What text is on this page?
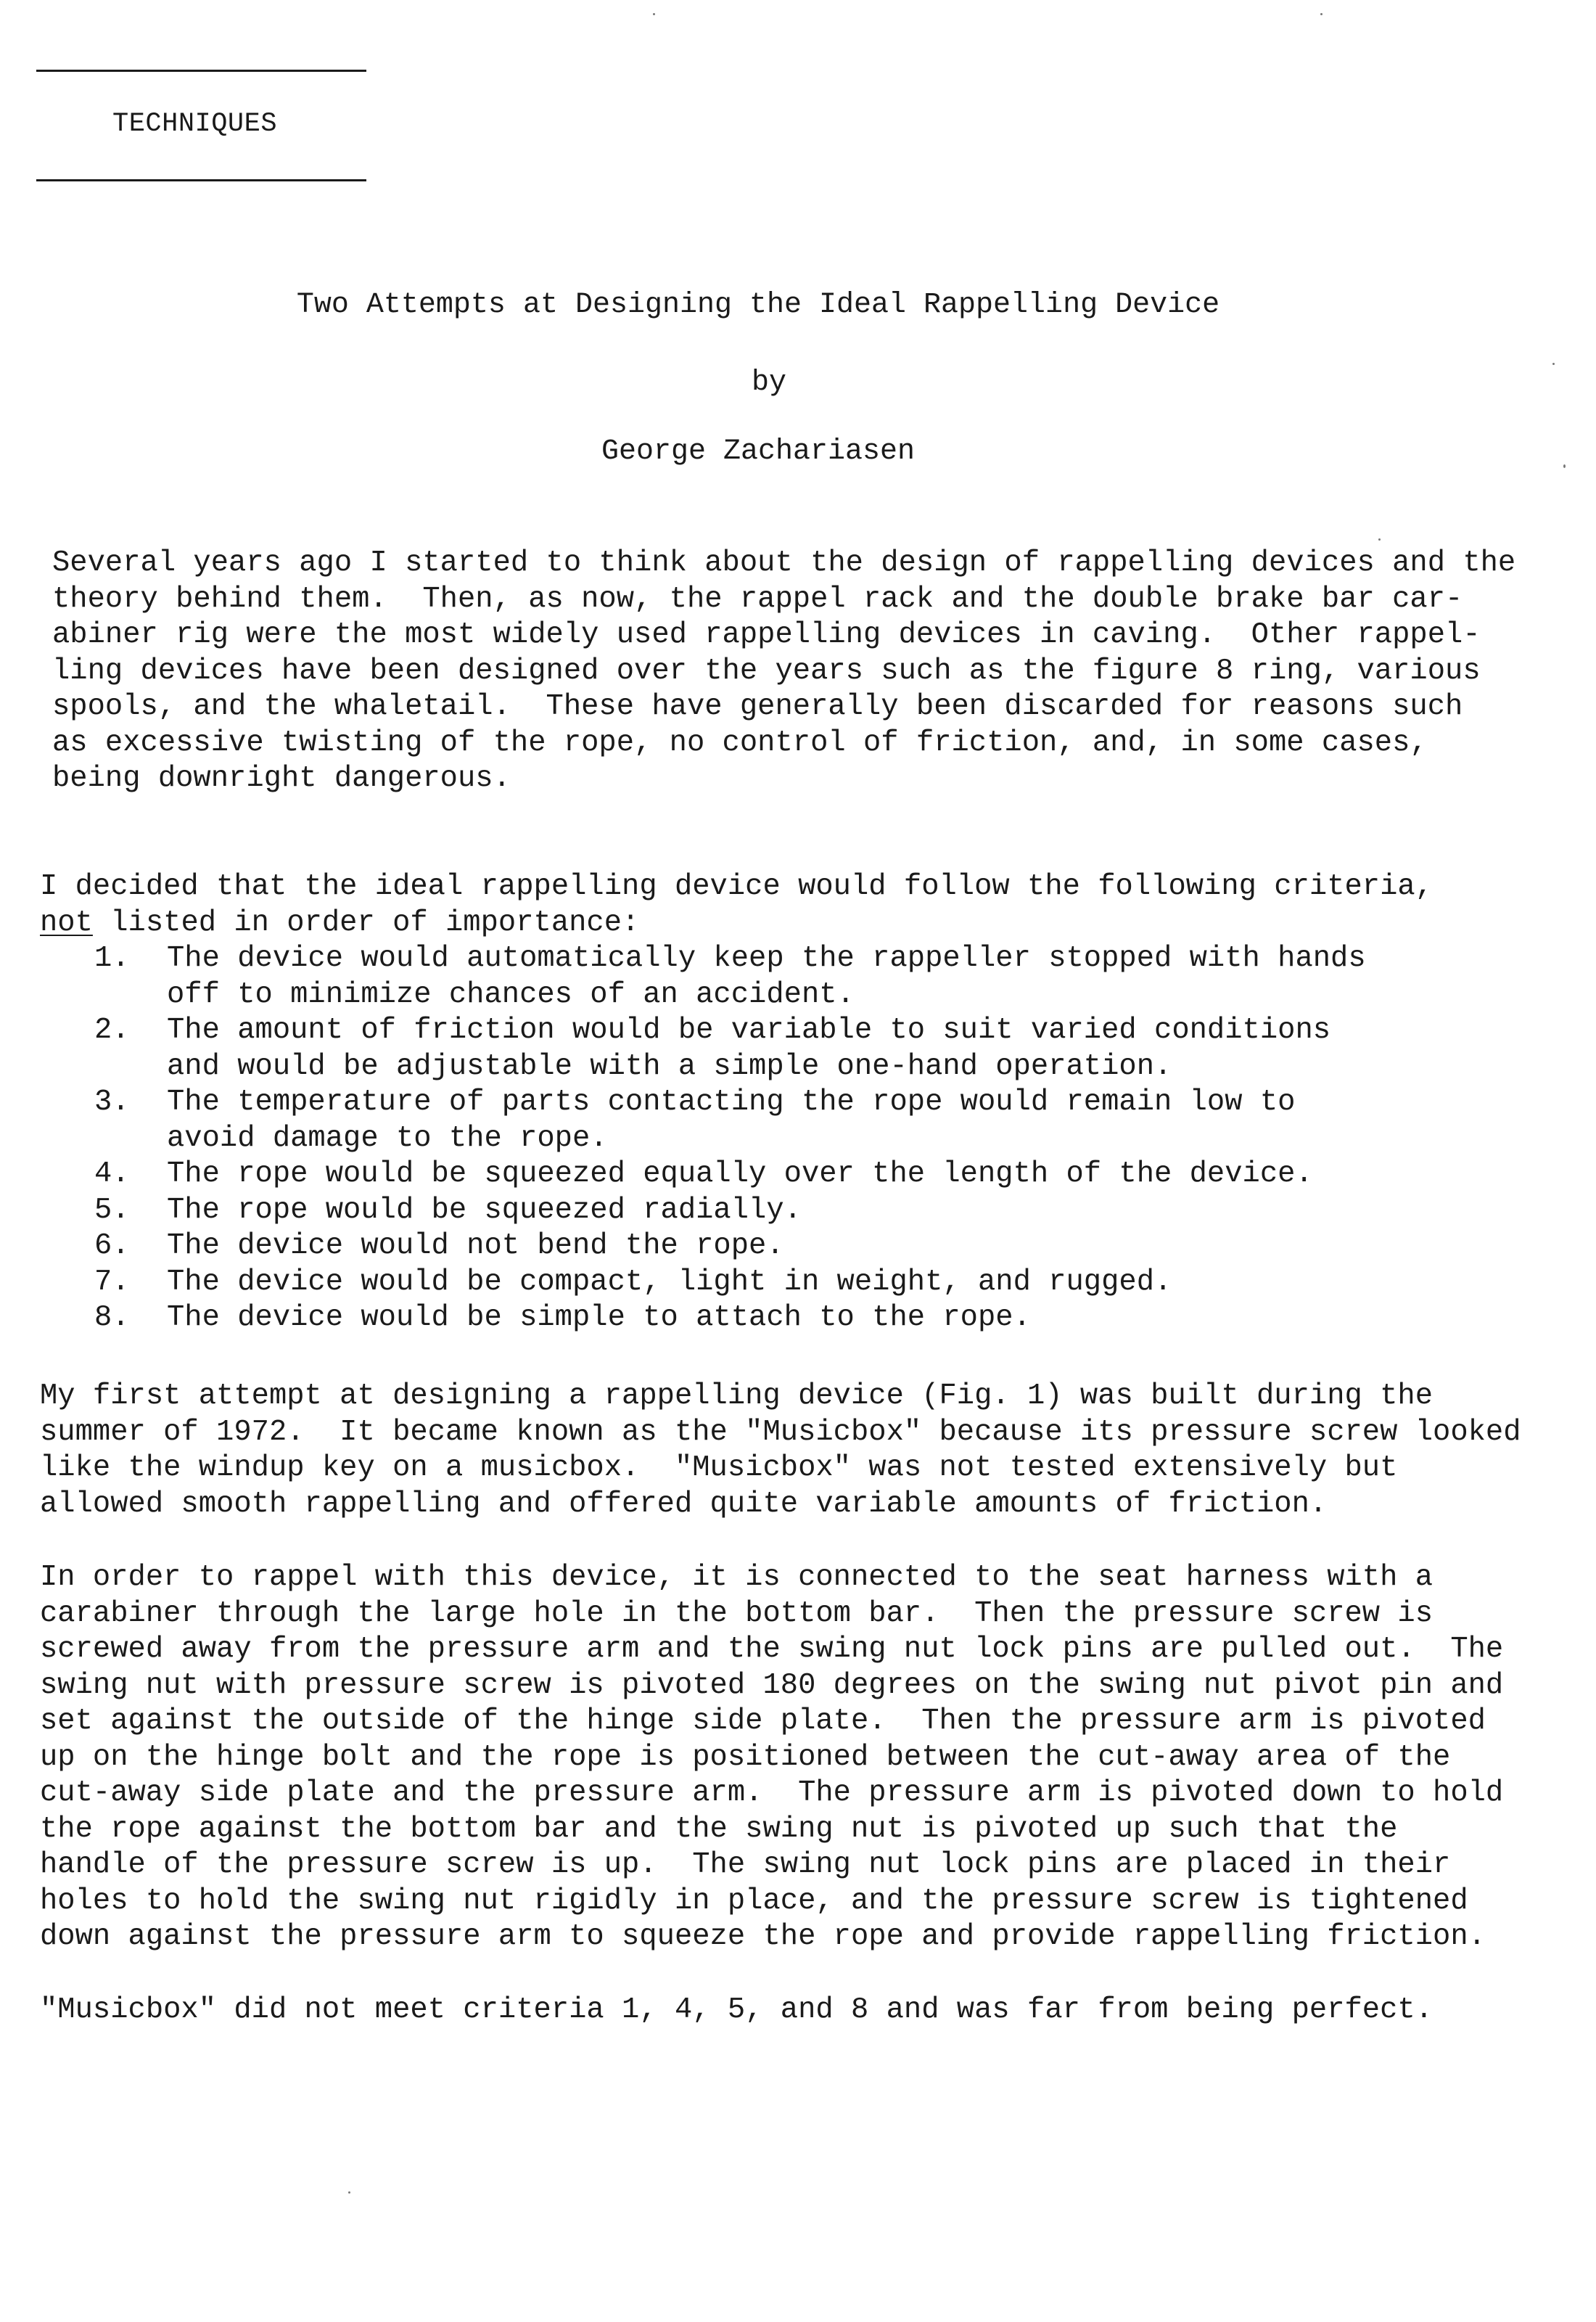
TECHNIQUES
Two Attempts at Designing the Ideal Rappelling Device
by
George Zachariasen
Several years ago I started to think about the design of rappelling devices and the
theory behind them.  Then, as now, the rappel rack and the double brake bar car-
abiner rig were the most widely used rappelling devices in caving.  Other rappel-
ling devices have been designed over the years such as the figure 8 ring, various
spools, and the whaletail.  These have generally been discarded for reasons such
as excessive twisting of the rope, no control of friction, and, in some cases,
being downright dangerous.
I decided that the ideal rappelling device would follow the following criteria,
not listed in order of importance:
1. The device would automatically keep the rappeller stopped with hands
off to minimize chances of an accident.
2. The amount of friction would be variable to suit varied conditions
and would be adjustable with a simple one-hand operation.
3. The temperature of parts contacting the rope would remain low to
avoid damage to the rope.
4. The rope would be squeezed equally over the length of the device.
5. The rope would be squeezed radially.
6. The device would not bend the rope.
7. The device would be compact, light in weight, and rugged.
8. The device would be simple to attach to the rope.
My first attempt at designing a rappelling device (Fig. 1) was built during the
summer of 1972.  It became known as the "Musicbox" because its pressure screw looked
like the windup key on a musicbox.  "Musicbox" was not tested extensively but
allowed smooth rappelling and offered quite variable amounts of friction.
In order to rappel with this device, it is connected to the seat harness with a
carabiner through the large hole in the bottom bar.  Then the pressure screw is
screwed away from the pressure arm and the swing nut lock pins are pulled out.  The
swing nut with pressure screw is pivoted 180 degrees on the swing nut pivot pin and
set against the outside of the hinge side plate.  Then the pressure arm is pivoted
up on the hinge bolt and the rope is positioned between the cut-away area of the
cut-away side plate and the pressure arm.  The pressure arm is pivoted down to hold
the rope against the bottom bar and the swing nut is pivoted up such that the
handle of the pressure screw is up.  The swing nut lock pins are placed in their
holes to hold the swing nut rigidly in place, and the pressure screw is tightened
down against the pressure arm to squeeze the rope and provide rappelling friction.
"Musicbox" did not meet criteria 1, 4, 5, and 8 and was far from being perfect.
